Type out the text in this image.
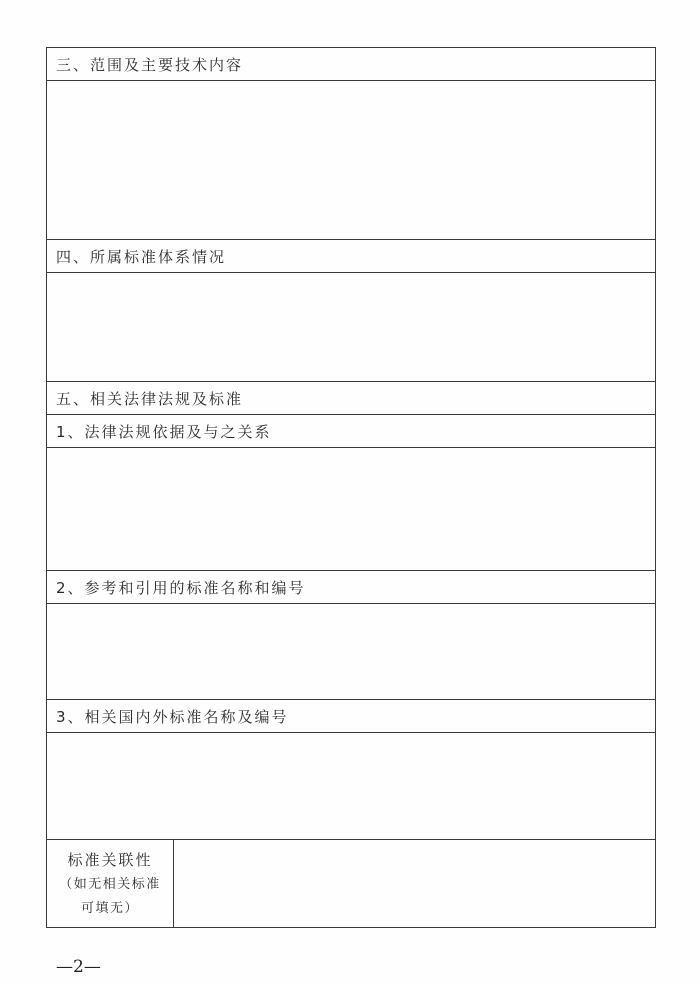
三、范围及主要技术内容

四、所属标准体系情况

五、相关法律法规及标准
1、法律法规依据及与之关系

2、参考和引用的标准名称和编号

3、相关国内外标准名称及编号

标准关联性
（如无相关标准
可填无）

—2—
